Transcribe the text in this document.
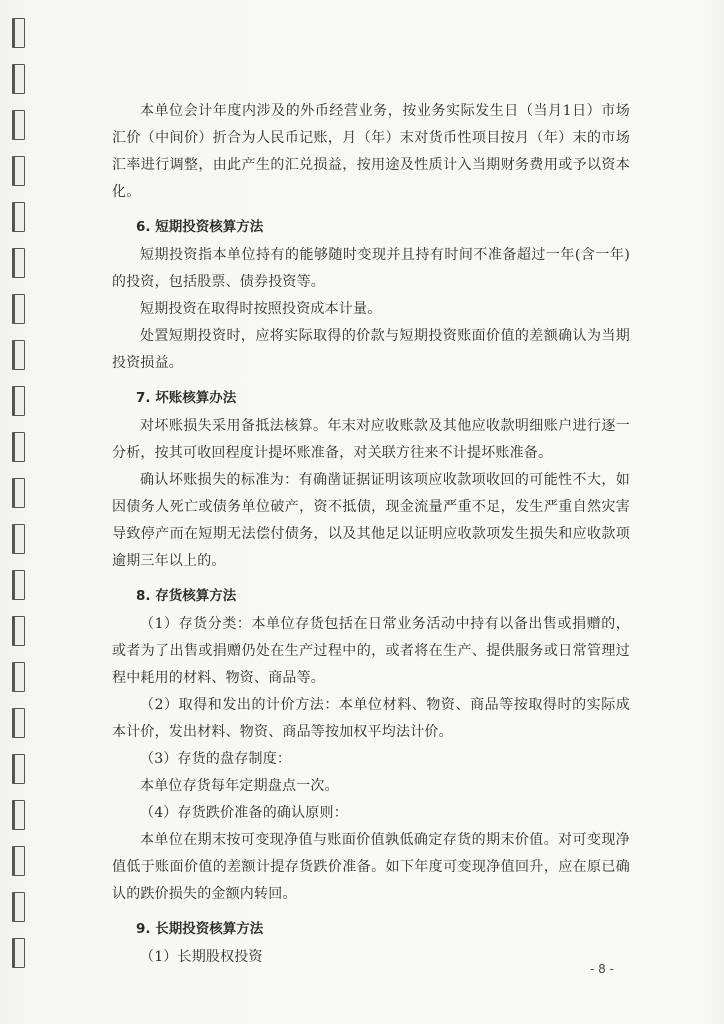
本单位会计年度内涉及的外币经营业务，按业务实际发生日（当月1日）市场汇价（中间价）折合为人民币记账，月（年）末对货币性项目按月（年）末的市场汇率进行调整，由此产生的汇兑损益，按用途及性质计入当期财务费用或予以资本化。

6. 短期投资核算方法

短期投资指本单位持有的能够随时变现并且持有时间不准备超过一年(含一年)的投资，包括股票、债券投资等。

短期投资在取得时按照投资成本计量。

处置短期投资时，应将实际取得的价款与短期投资账面价值的差额确认为当期投资损益。

7. 坏账核算办法

对坏账损失采用备抵法核算。年末对应收账款及其他应收款明细账户进行逐一分析，按其可收回程度计提坏账准备，对关联方往来不计提坏账准备。

确认坏账损失的标准为：有确凿证据证明该项应收款项收回的可能性不大，如因债务人死亡或债务单位破产，资不抵债，现金流量严重不足，发生严重自然灾害导致停产而在短期无法偿付债务，以及其他足以证明应收款项发生损失和应收款项逾期三年以上的。

8. 存货核算方法

（1）存货分类：本单位存货包括在日常业务活动中持有以备出售或捐赠的，或者为了出售或捐赠仍处在生产过程中的，或者将在生产、提供服务或日常管理过程中耗用的材料、物资、商品等。

（2）取得和发出的计价方法：本单位材料、物资、商品等按取得时的实际成本计价，发出材料、物资、商品等按加权平均法计价。

（3）存货的盘存制度：

本单位存货每年定期盘点一次。

（4）存货跌价准备的确认原则：

本单位在期末按可变现净值与账面价值孰低确定存货的期末价值。对可变现净值低于账面价值的差额计提存货跌价准备。如下年度可变现净值回升，应在原已确认的跌价损失的金额内转回。

9. 长期投资核算方法

（1）长期股权投资

- 8 -
